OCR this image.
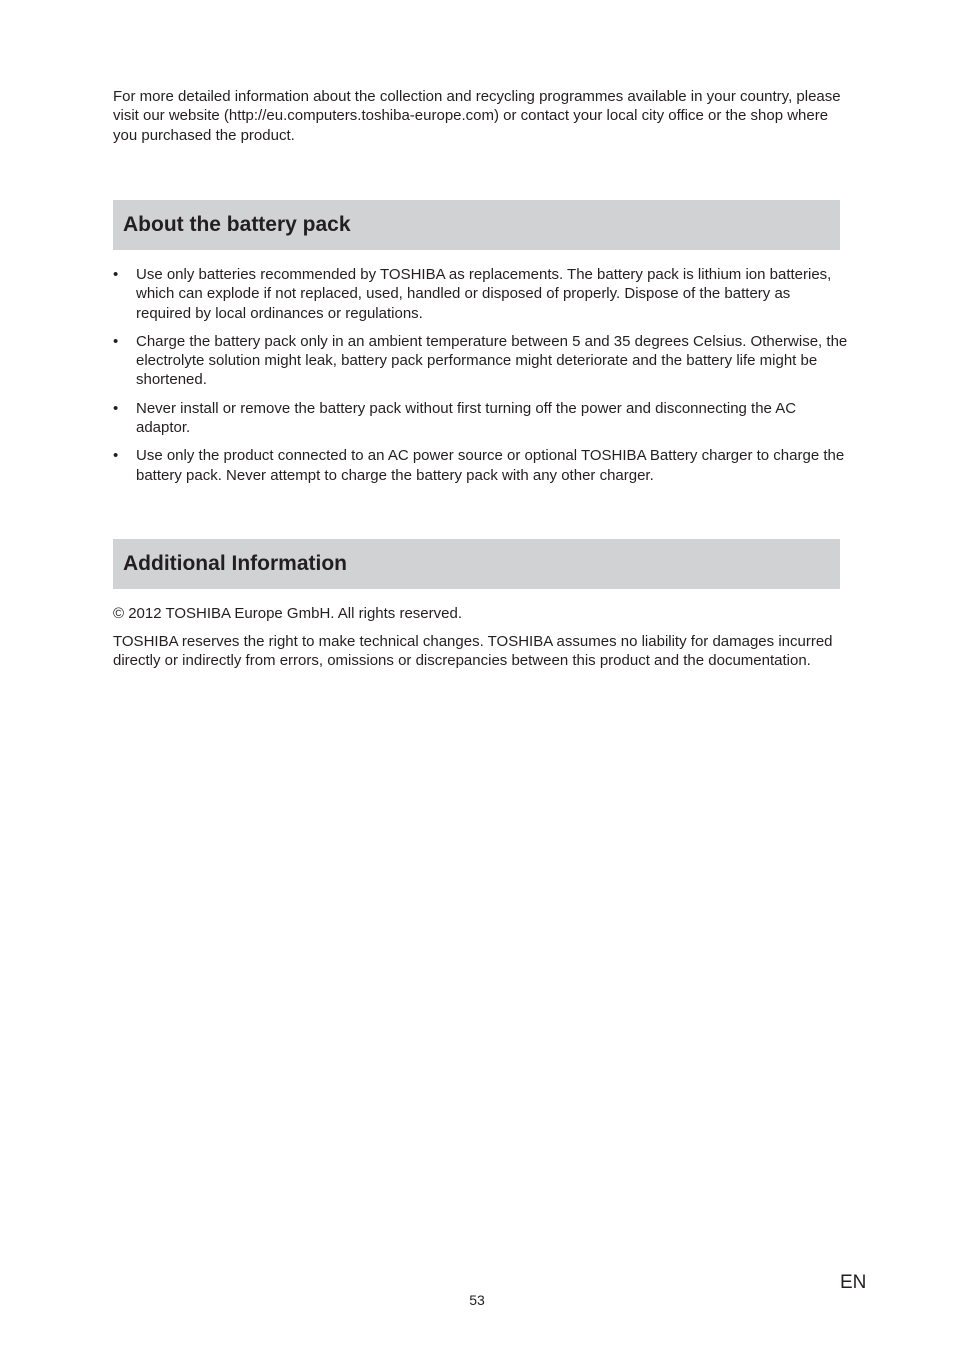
For more detailed information about the collection and recycling programmes available in your country, please visit our website (http://eu.computers.toshiba-europe.com) or contact your local city office or the shop where you purchased the product.

About the battery pack
•	Use only batteries recommended by TOSHIBA as replacements. The battery pack is lithium ion batteries, which can explode if not replaced, used, handled or disposed of properly. Dispose of the battery as required by local ordinances or regulations.
•	Charge the battery pack only in an ambient temperature between 5 and 35 degrees Celsius. Otherwise, the electrolyte solution might leak, battery pack performance might deteriorate and the battery life might be shortened.
•	Never install or remove the battery pack without first turning off the power and disconnecting the AC adaptor.
•	Use only the product connected to an AC power source or optional TOSHIBA Battery charger to charge the battery pack. Never attempt to charge the battery pack with any other charger.
Additional Information

© 2012 TOSHIBA Europe GmbH. All rights reserved.

TOSHIBA reserves the right to make technical changes. TOSHIBA assumes no liability for damages incurred directly or indirectly from errors, omissions or discrepancies between this product and the documentation.

EN
53
